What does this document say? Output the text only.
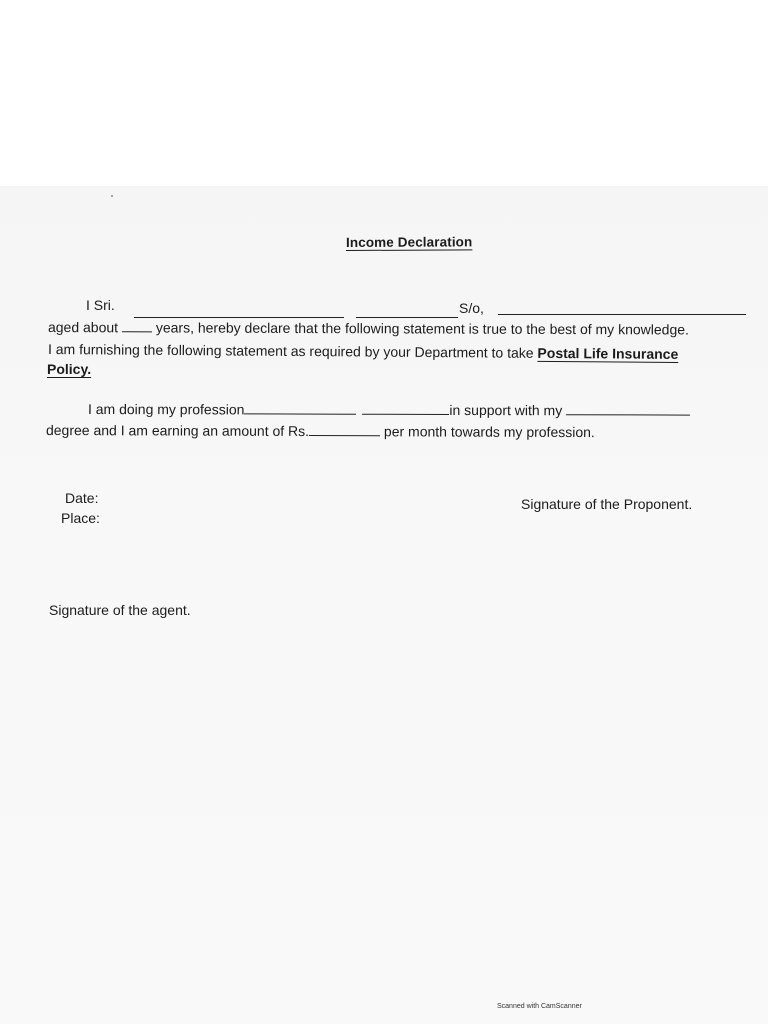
Income Declaration
I Sri.	S/o,
aged about  years, hereby declare that the following statement is true to the best of my knowledge.
I am furnishing the following statement as required by your Department to take Postal Life Insurance
Policy.
I am doing my profession	in support with my
degree and I am earning an amount of Rs.	per month towards my profession.
Date:
Place:
Signature of the Proponent.
Signature of the agent.
Scanned with CamScanner
